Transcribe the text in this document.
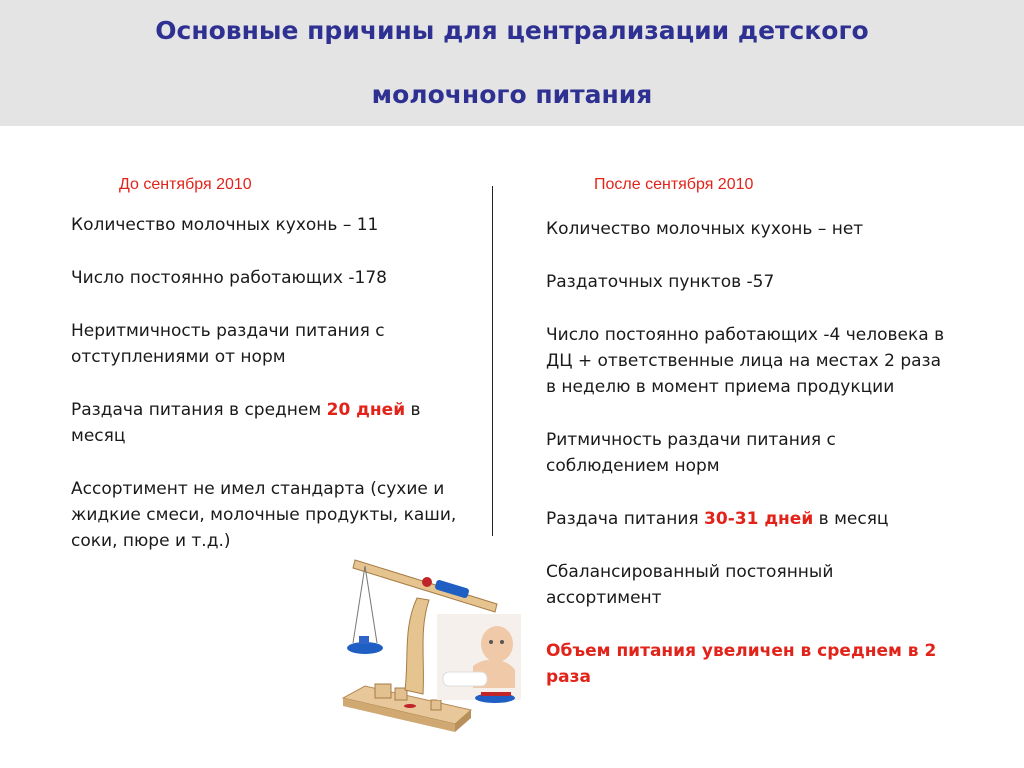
Основные причины для централизации детского
молочного питания
До сентября 2010	После сентября 2010

Количество молочных кухонь – 11

Число постоянно работающих -178

Неритмичность раздачи питания с отступлениями от норм

Раздача питания в среднем 20 дней в месяц

Ассортимент не имел стандарта (сухие и жидкие смеси, молочные продукты, каши, соки, пюре и т.д.)

Количество молочных кухонь – нет

Раздаточных пунктов -57

Число постоянно работающих -4 человека в ДЦ + ответственные лица на местах 2 раза в неделю в момент приема продукции

Ритмичность раздачи питания с соблюдением норм

Раздача питания 30-31 дней в месяц

Сбалансированный постоянный ассортимент

Объем питания увеличен в среднем в 2 раза
